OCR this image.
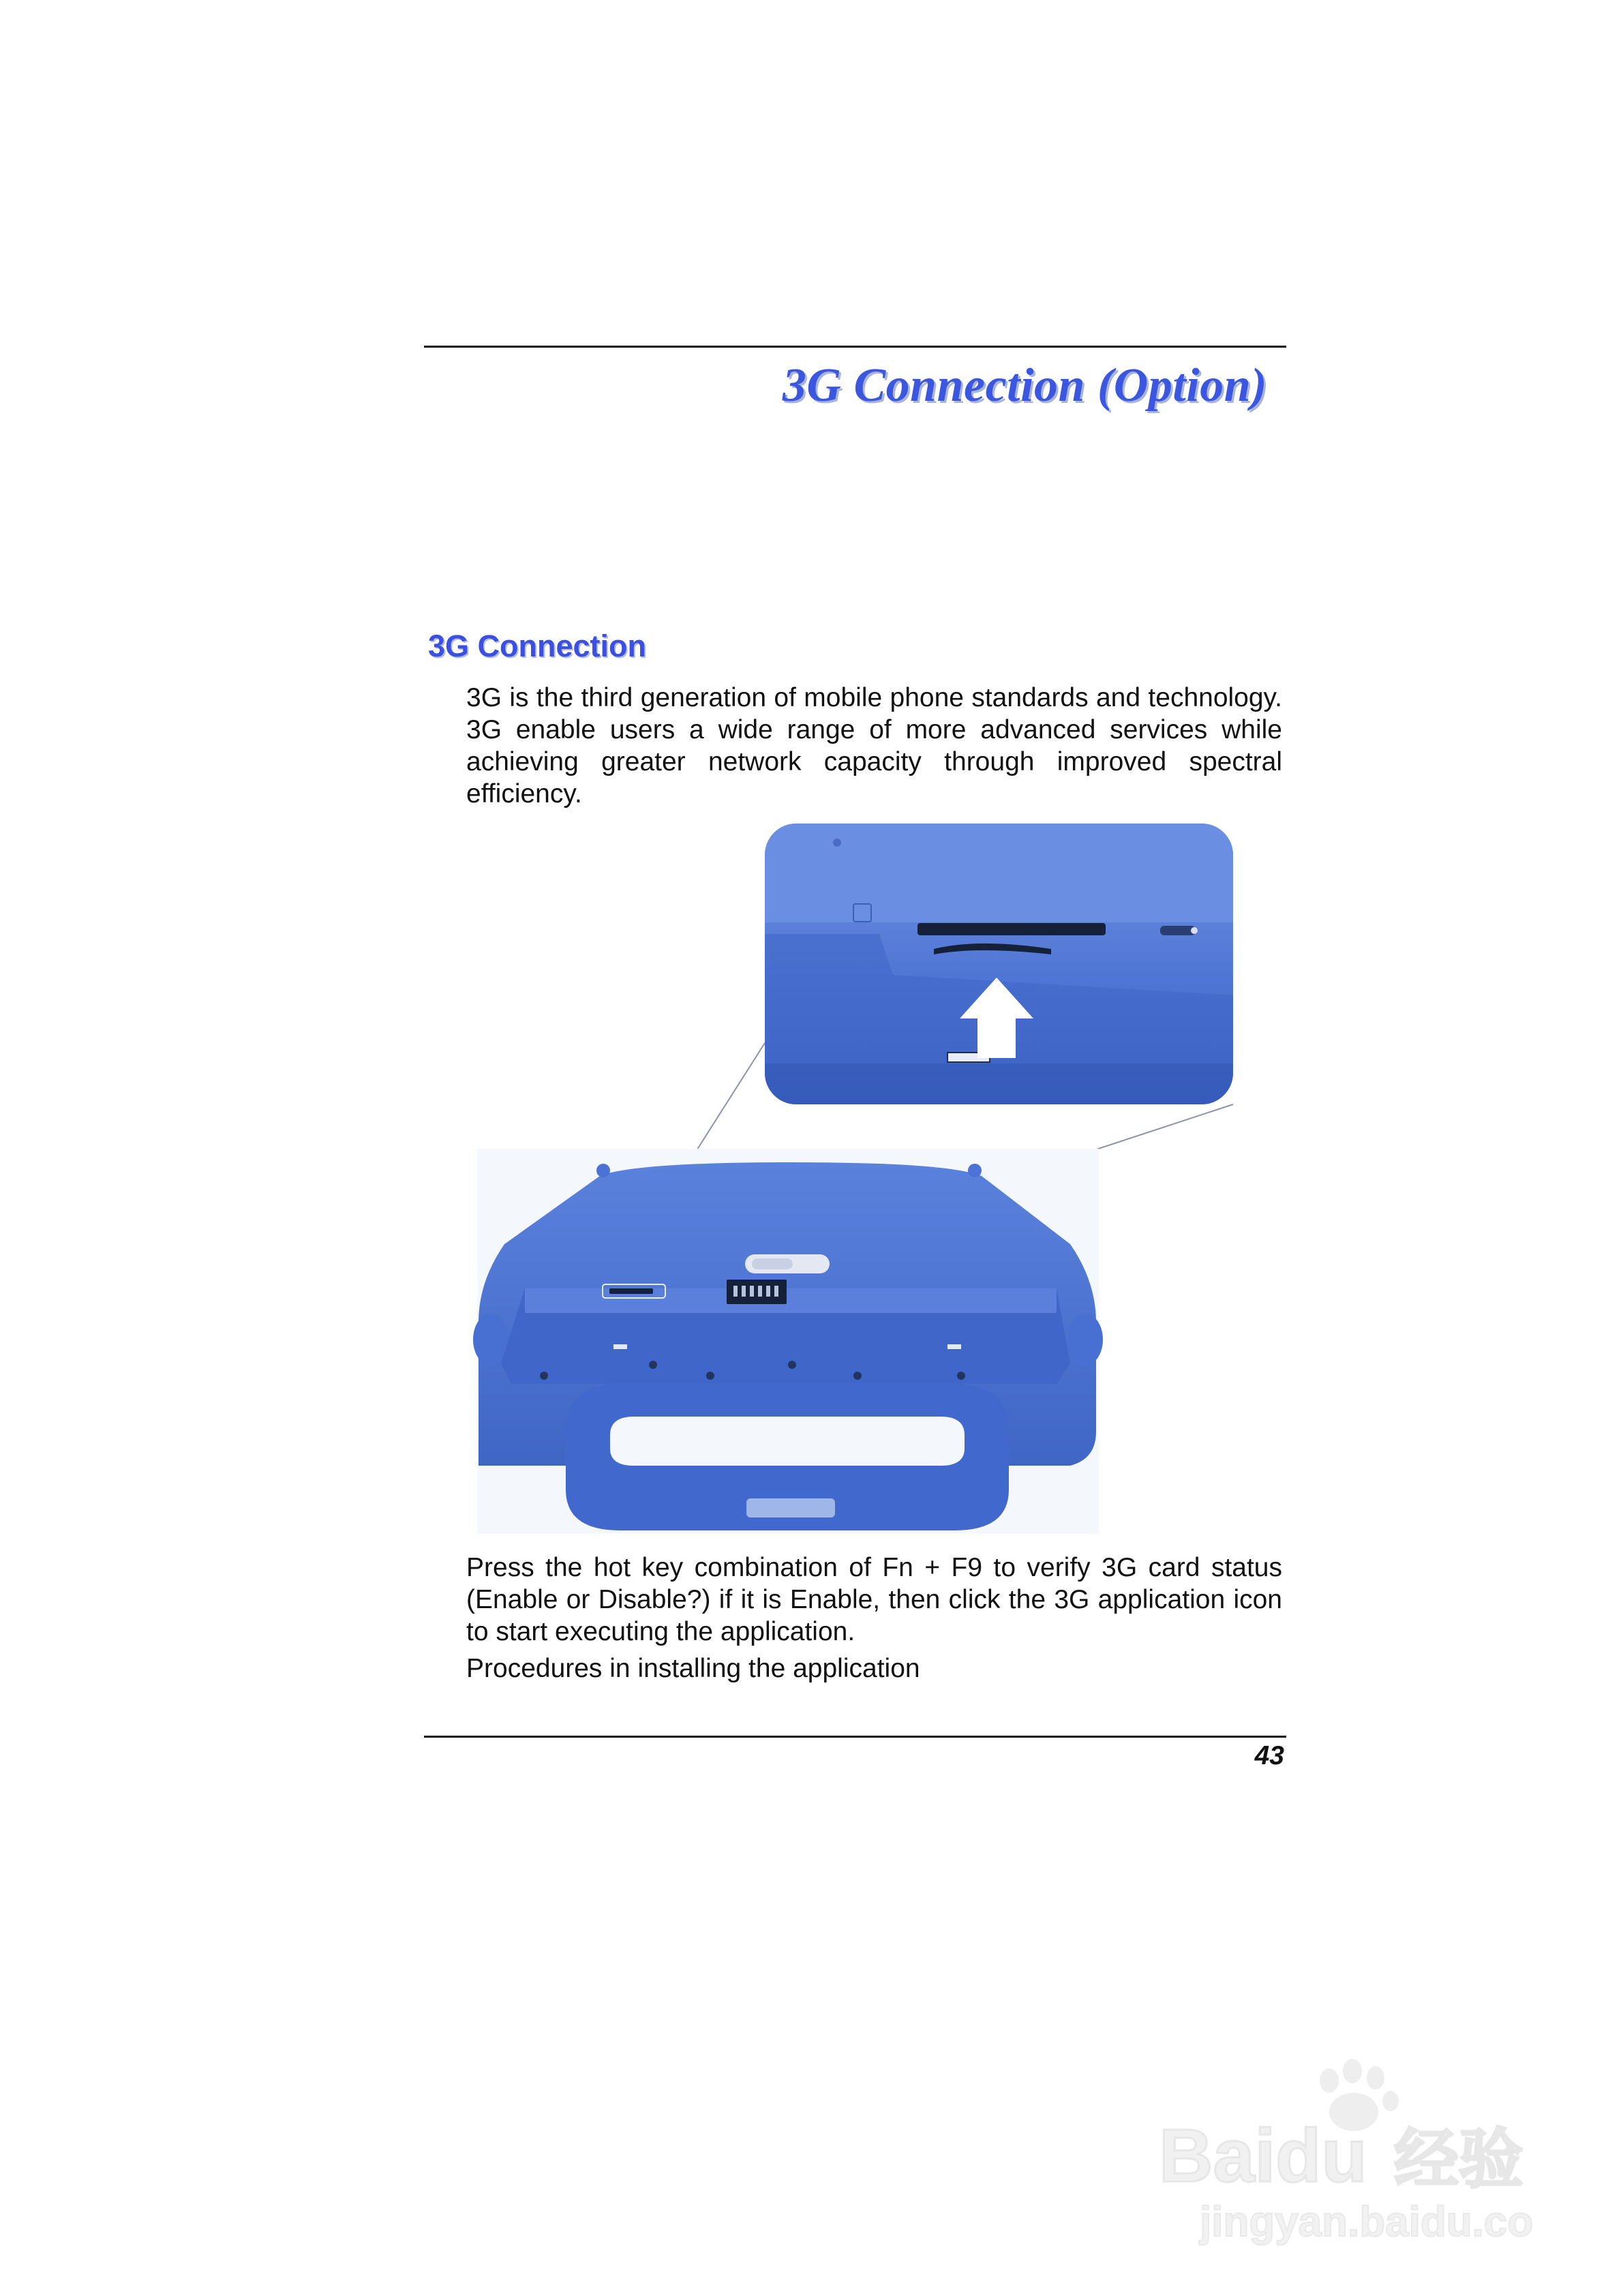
3G Connection (Option)
3G Connection

3G is the third generation of mobile phone standards and technology. 3G enable users a wide range of more advanced services while achieving greater network capacity through improved spectral efficiency.

Press the hot key combination of Fn + F9 to verify 3G card status (Enable or Disable?) if it is Enable, then click the 3G application icon to start executing the application.

Procedures in installing the application

43
Baidu 经验
jingyan.baidu.com
